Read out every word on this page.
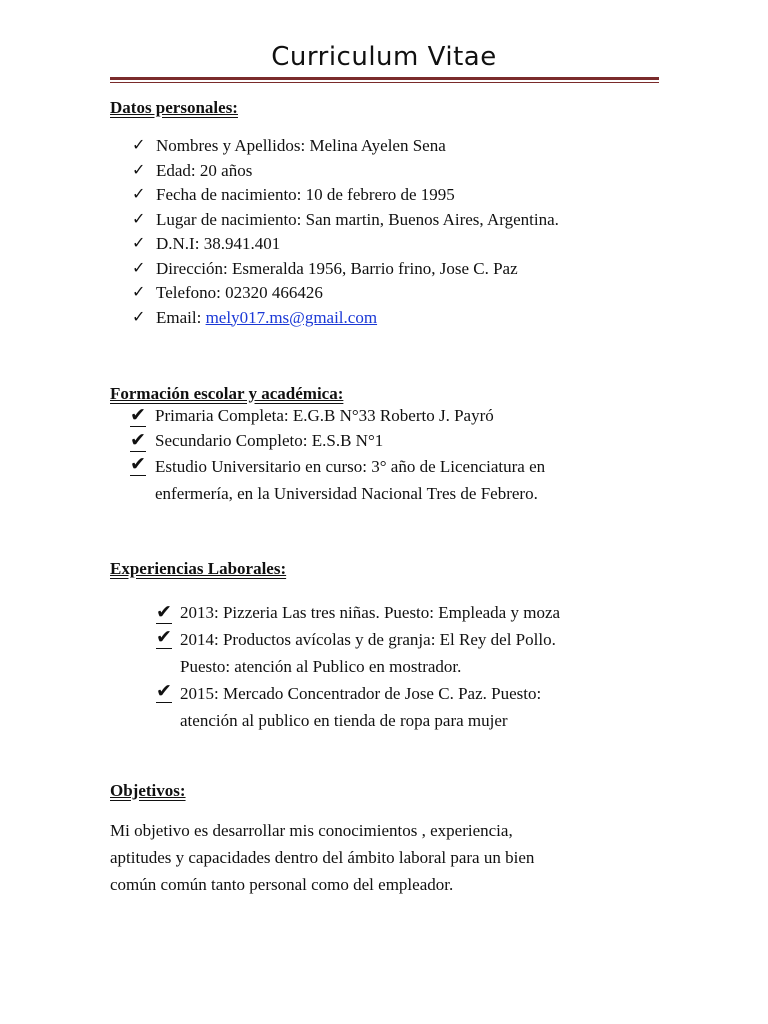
Curriculum Vitae
Datos personales:
✓ Nombres y Apellidos: Melina Ayelen Sena
✓ Edad: 20 años
✓ Fecha de nacimiento: 10 de febrero de 1995
✓ Lugar de nacimiento: San martin, Buenos Aires, Argentina.
✓ D.N.I: 38.941.401
✓ Dirección: Esmeralda 1956, Barrio frino, Jose C. Paz
✓ Telefono: 02320 466426
✓ Email: mely017.ms@gmail.com
Formación escolar y académica:
✔ Primaria Completa: E.G.B N°33 Roberto J. Payró
✔ Secundario Completo: E.S.B N°1
✔ Estudio Universitario en curso: 3° año de Licenciatura en
enfermería, en la Universidad Nacional Tres de Febrero.
Experiencias Laborales:
✔ 2013: Pizzeria Las tres niñas. Puesto: Empleada y moza
✔ 2014: Productos avícolas y de granja: El Rey del Pollo.
Puesto: atención al Publico en mostrador.
✔ 2015: Mercado Concentrador de Jose C. Paz. Puesto:
atención al publico en tienda de ropa para mujer
Objetivos:

Mi objetivo es desarrollar mis conocimientos , experiencia,
aptitudes y capacidades dentro del ámbito laboral para un bien
común común tanto personal como del empleador.
